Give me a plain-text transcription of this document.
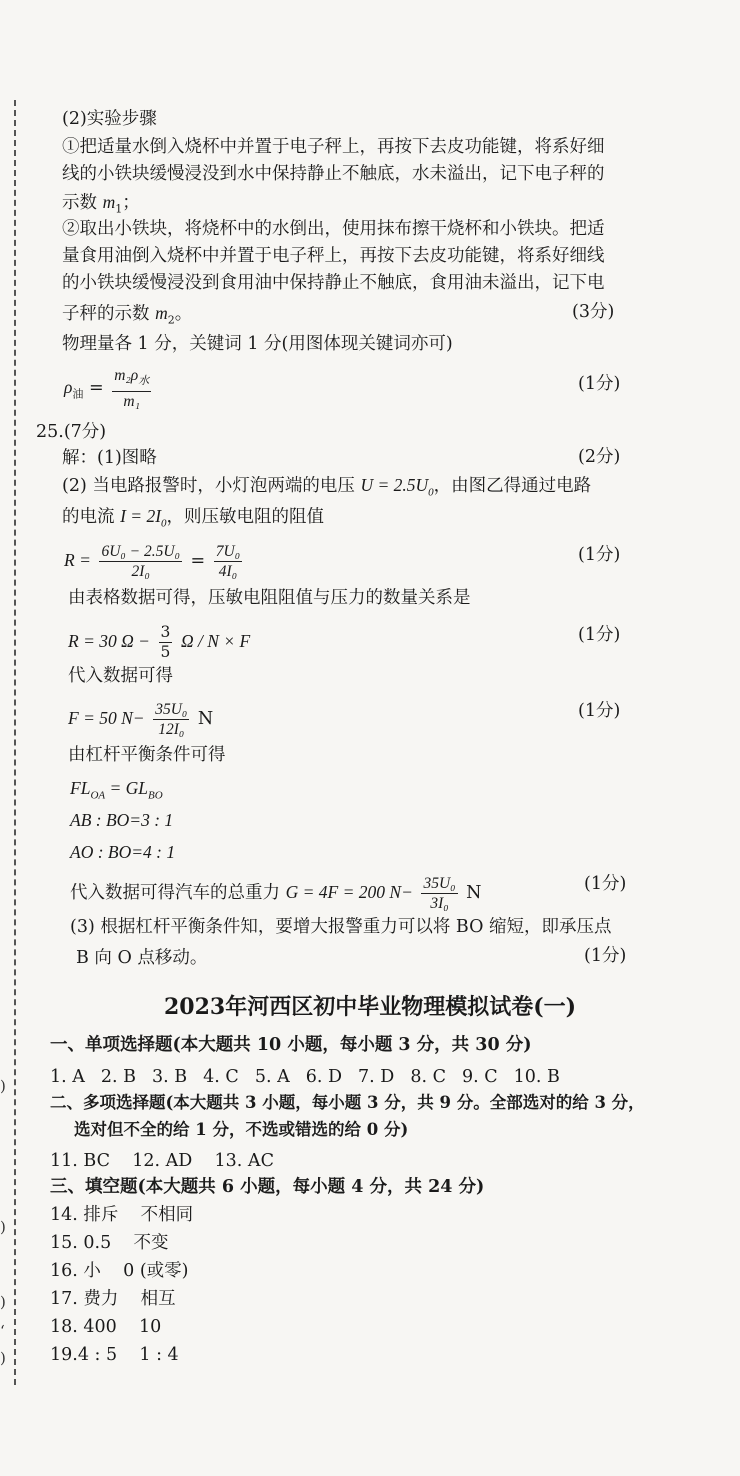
)
)
)
‘
)
(2)实验步骤
①把适量水倒入烧杯中并置于电子秤上，再按下去皮功能键，将系好细
线的小铁块缓慢浸没到水中保持静止不触底，水未溢出，记下电子秤的
示数 $m_1$；
②取出小铁块，将烧杯中的水倒出，使用抹布擦干烧杯和小铁块。把适
量食用油倒入烧杯中并置于电子秤上，再按下去皮功能键，将系好细线
的小铁块缓慢浸没到食用油中保持静止不触底，食用油未溢出，记下电
子秤的示数 $m_2$。	(3分)
物理量各 1 分，关键词 1 分(用图体现关键词亦可)
$\rho_油 = \frac{m_2\rho_水}{\text{m₁}}$	(1分)
25.(7分)
解：(1)图略	(2分)
(2) 当电路报警时，小灯泡两端的电压 $U = 2.5U_0$，由图乙得通过电路
的电流 $I = 2I_0$，则压敏电阻的阻值
$R = \frac{\text{6U₀ − 2.5U₀}}{\text{2I₀}} = \frac{\text{7U₀}}{\text{4I₀}}$	(1分)
由表格数据可得，压敏电阻阻值与压力的数量关系是
R = 30 $\Omega - \frac{3}{5}$ Ω / N × F	(1分)
代入数据可得
F = 50 $N- \frac{\text{35U₀}}{\text{12I₀}}$ N	(1分)
由杠杆平衡条件可得
$FL_{OA} = GL_{BO}$
AB : BO=3 : 1
AO : BO=4 : 1
代入数据可得汽车的总重力 G = 4F = 200 $N- \frac{\text{35U₀}}{\text{3I₀}}$ N	(1分)
(3) 根据杠杆平衡条件知，要增大报警重力可以将 BO 缩短，即承压点
(1分)
B 向 O 点移动。
2023年河西区初中毕业物理模拟试卷(一)
一、单项选择题(本大题共 10 小题，每小题 3 分，共 30 分)
1. A 2. B 3. B 4. C 5. A 6. D 7. D 8. C 9. C 10. B
二、多项选择题(本大题共 3 小题，每小题 3 分，共 9 分。全部选对的给 3 分，
选对但不全的给 1 分，不选或错选的给 0 分)
11. BC    12. AD    13. AC
三、填空题(本大题共 6 小题，每小题 4 分，共 24 分)
14. 排斥    不相同
15. 0.5    不变
16. 小    0 (或零)
17. 费力    相互
18. 400    10
19.4 : 5    1 : 4
